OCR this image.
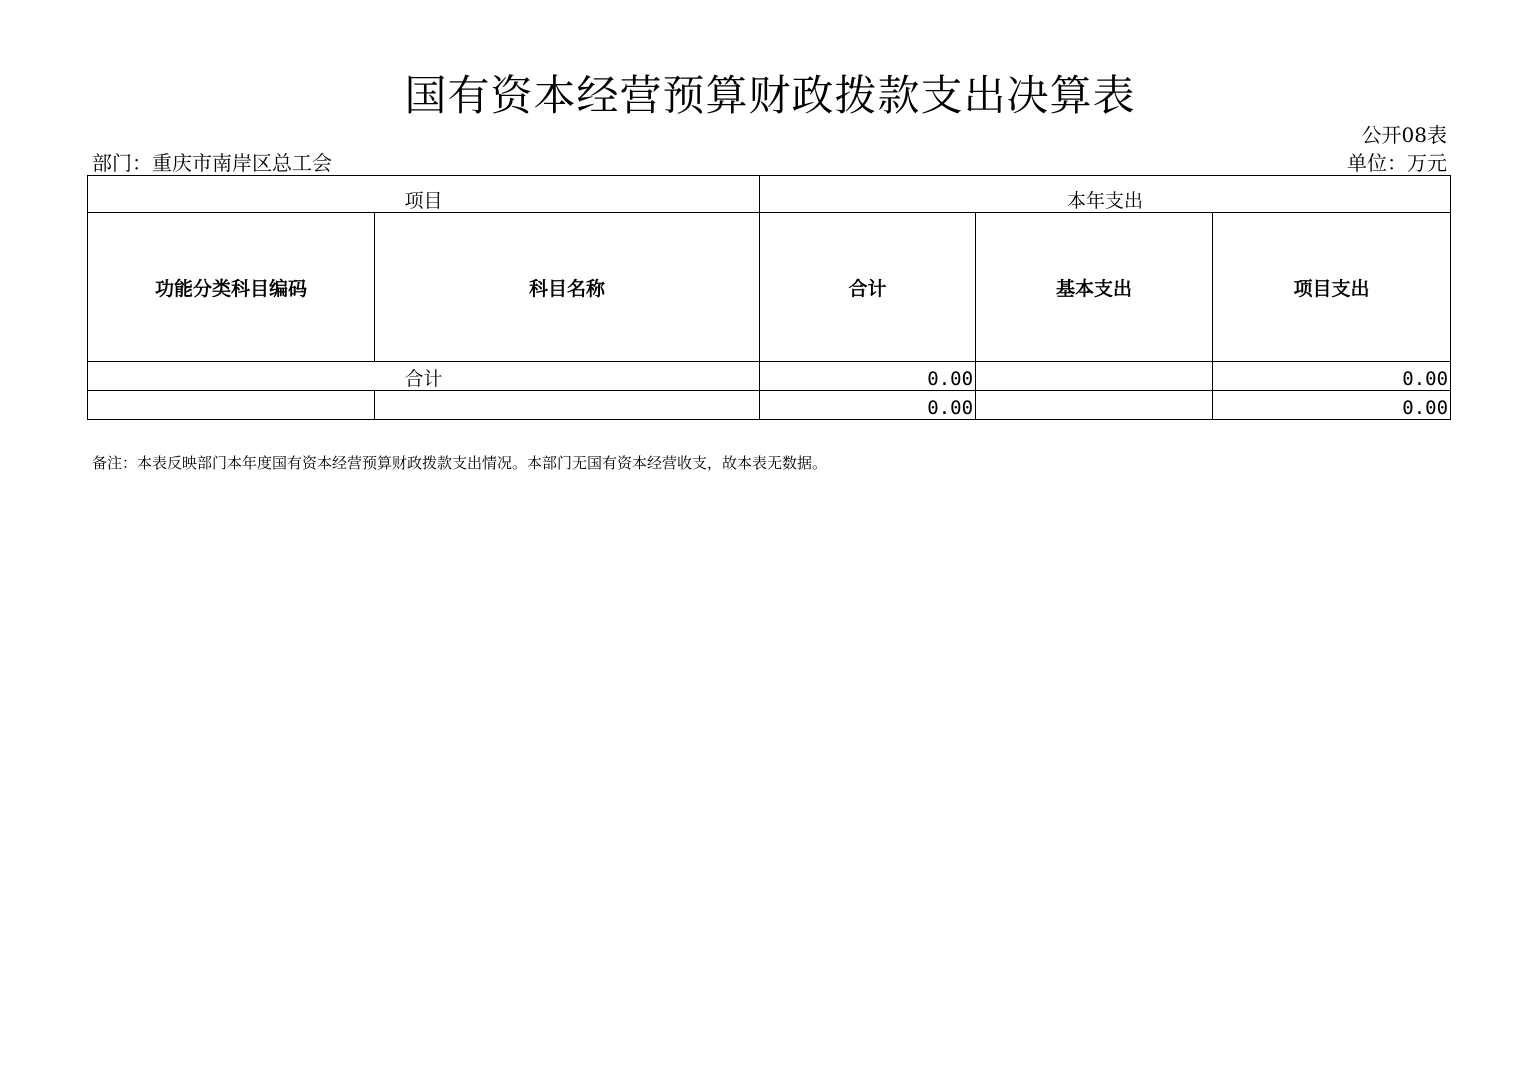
国有资本经营预算财政拨款支出决算表
公开08表
部门：重庆市南岸区总工会	单位：万元
项目		本年支出		
功能分类科目编码	科目名称	合计	基本支出	项目支出
合计		0.00		0.00
		0.00		0.00
备注：本表反映部门本年度国有资本经营预算财政拨款支出情况。本部门无国有资本经营收支，故本表无数据。
